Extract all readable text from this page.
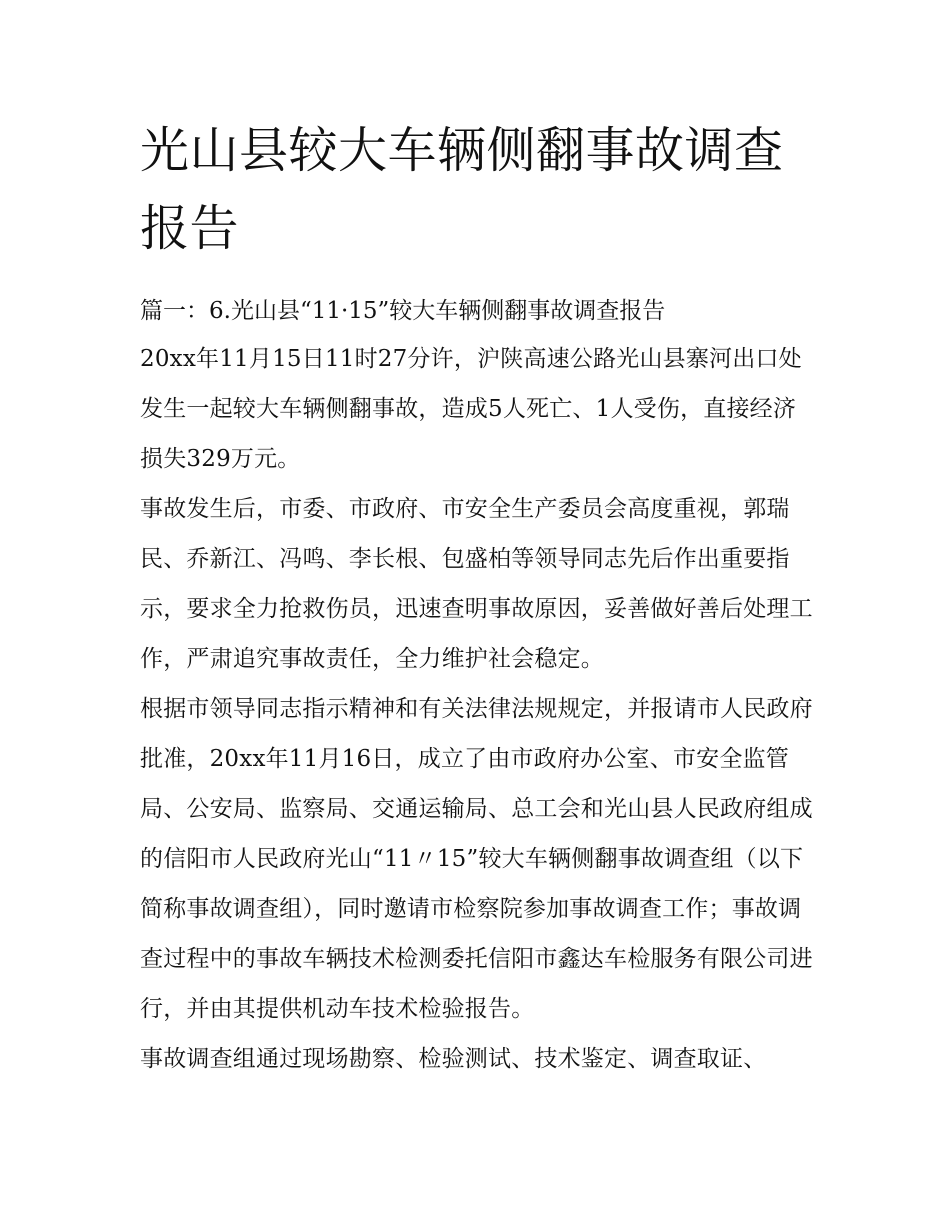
光山县较大车辆侧翻事故调查报告

篇一：6.光山县“11·15”较大车辆侧翻事故调查报告

20xx年11月15日11时27分许，沪陕高速公路光山县寨河出口处发生一起较大车辆侧翻事故，造成5人死亡、1人受伤，直接经济损失329万元。

事故发生后，市委、市政府、市安全生产委员会高度重视，郭瑞民、乔新江、冯鸣、李长根、包盛柏等领导同志先后作出重要指示，要求全力抢救伤员，迅速查明事故原因，妥善做好善后处理工作，严肃追究事故责任，全力维护社会稳定。

根据市领导同志指示精神和有关法律法规规定，并报请市人民政府批准，20xx年11月16日，成立了由市政府办公室、市安全监管局、公安局、监察局、交通运输局、总工会和光山县人民政府组成的信阳市人民政府光山“11〃15”较大车辆侧翻事故调查组（以下简称事故调查组），同时邀请市检察院参加事故调查工作；事故调查过程中的事故车辆技术检测委托信阳市鑫达车检服务有限公司进行，并由其提供机动车技术检验报告。

事故调查组通过现场勘察、检验测试、技术鉴定、调查取证、
